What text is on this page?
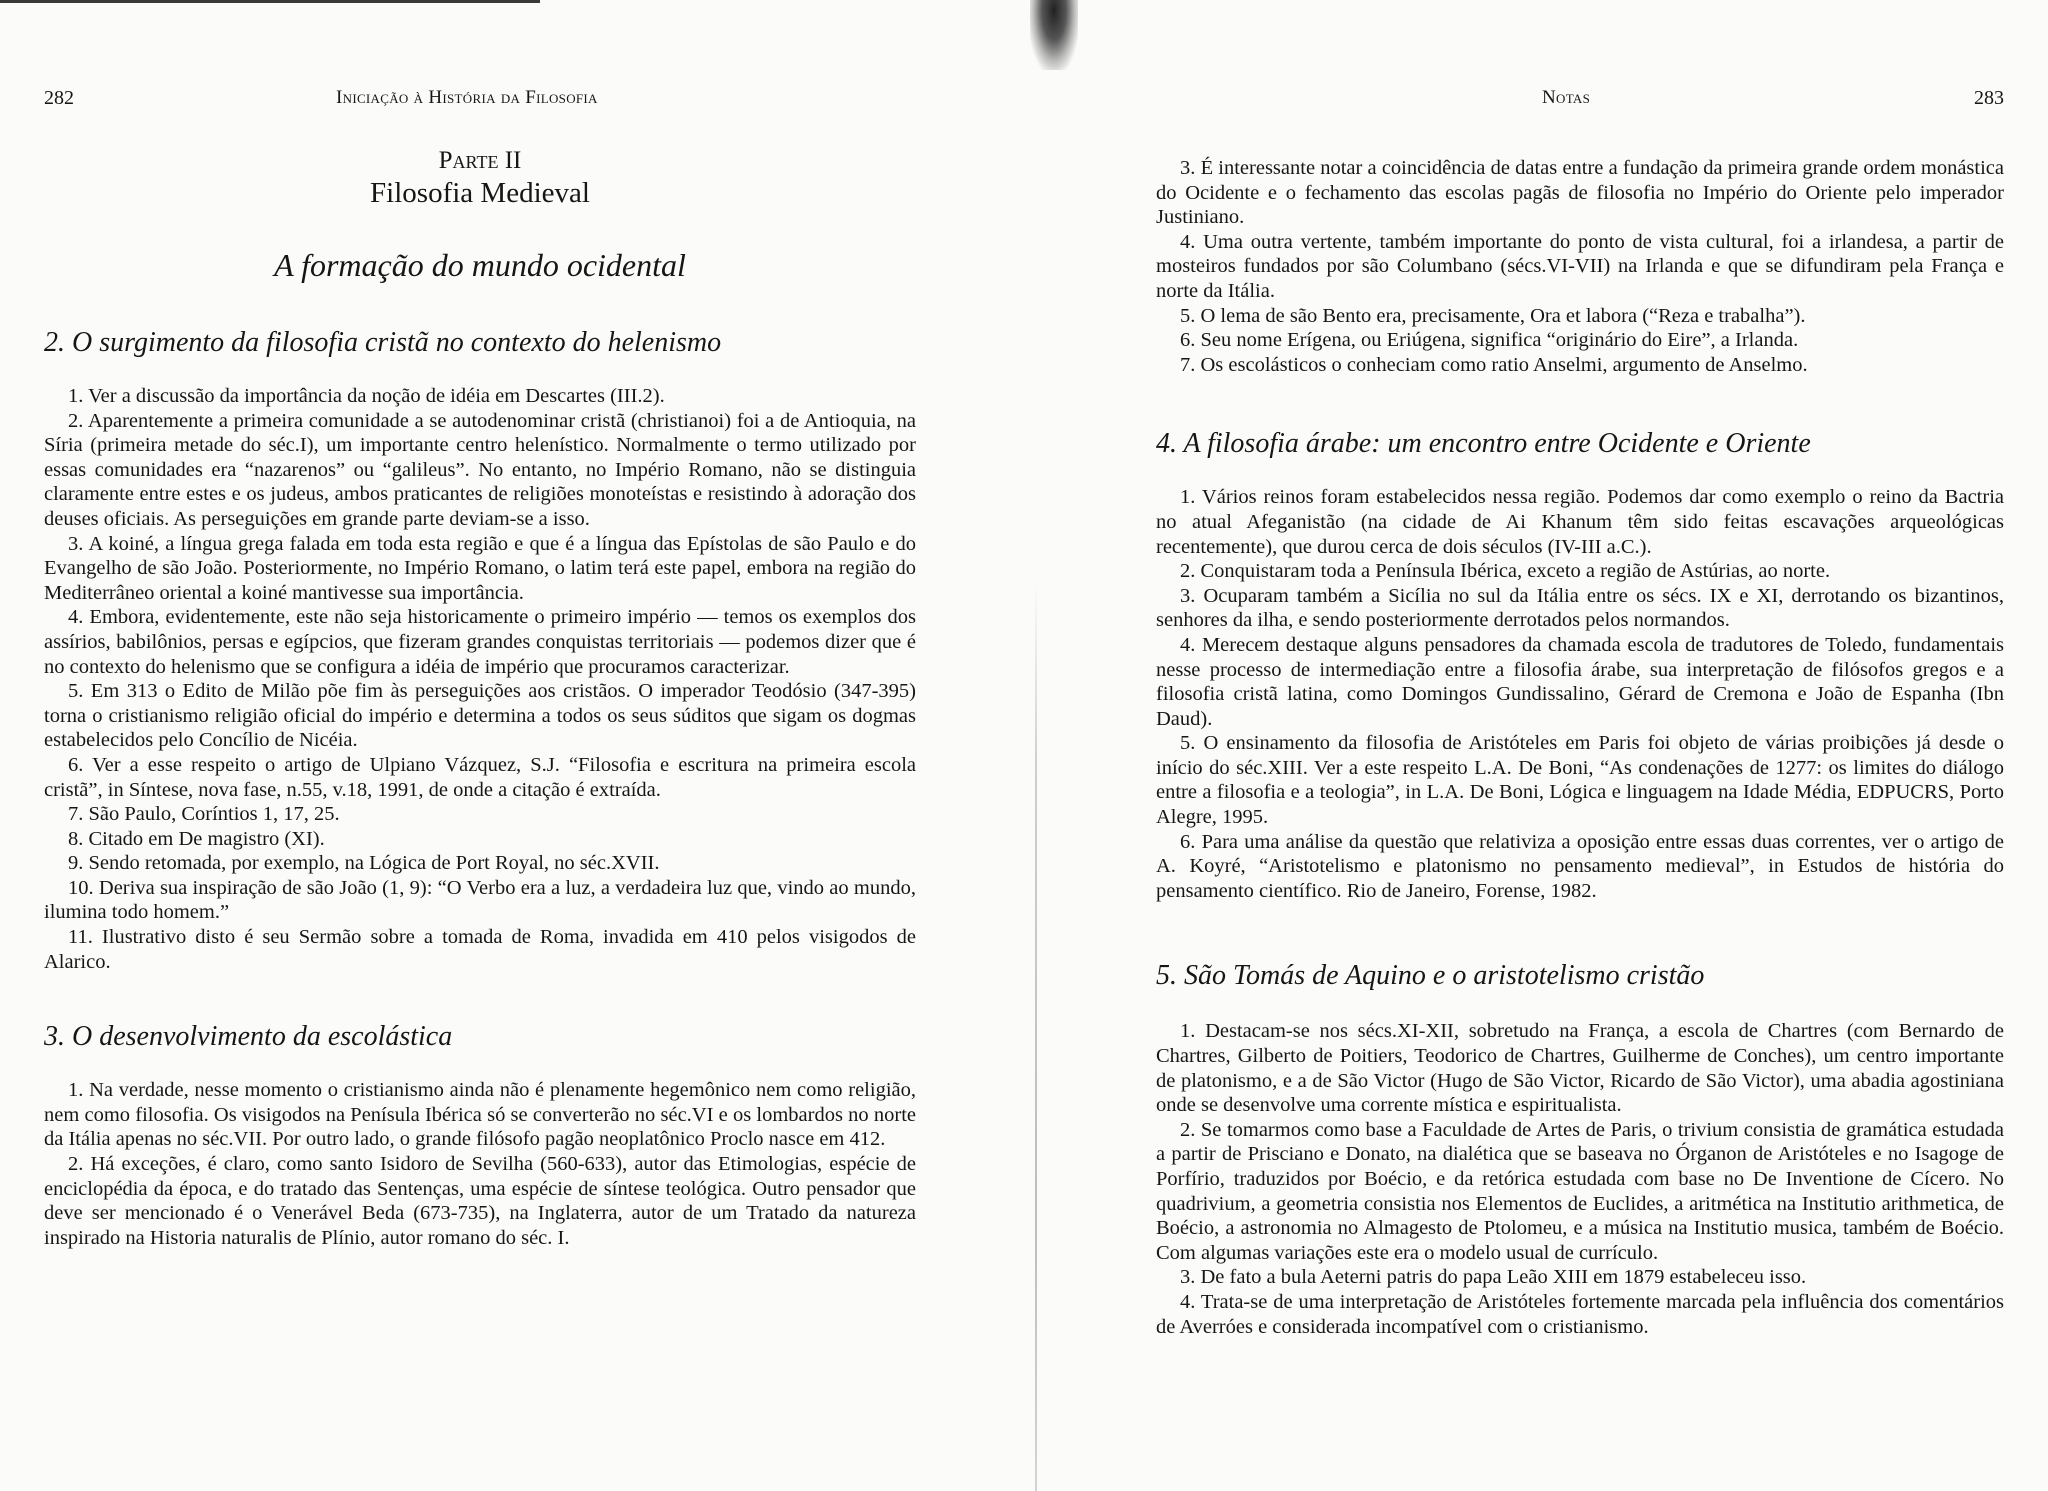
282	Iniciação à História da Filosofia
Parte II
Filosofia Medieval
A formação do mundo ocidental
2. O surgimento da filosofia cristã no contexto do helenismo

1. Ver a discussão da importância da noção de idéia em Descartes (III.2).

2. Aparentemente a primeira comunidade a se autodenominar cristã (christianoi) foi a de Antioquia, na Síria (primeira metade do séc.I), um importante centro helenístico. Normalmente o termo utilizado por essas comunidades era “nazarenos” ou “galileus”. No entanto, no Império Romano, não se distinguia claramente entre estes e os judeus, ambos praticantes de religiões monoteístas e resistindo à adoração dos deuses oficiais. As perseguições em grande parte deviam-se a isso.

3. A koiné, a língua grega falada em toda esta região e que é a língua das Epístolas de são Paulo e do Evangelho de são João. Posteriormente, no Império Romano, o latim terá este papel, embora na região do Mediterrâneo oriental a koiné mantivesse sua importância.

4. Embora, evidentemente, este não seja historicamente o primeiro império — temos os exemplos dos assírios, babilônios, persas e egípcios, que fizeram grandes conquistas territoriais — podemos dizer que é no contexto do helenismo que se configura a idéia de império que procuramos caracterizar.

5. Em 313 o Edito de Milão põe fim às perseguições aos cristãos. O imperador Teodósio (347-395) torna o cristianismo religião oficial do império e determina a todos os seus súditos que sigam os dogmas estabelecidos pelo Concílio de Nicéia.

6. Ver a esse respeito o artigo de Ulpiano Vázquez, S.J. “Filosofia e escritura na primeira escola cristã”, in Síntese, nova fase, n.55, v.18, 1991, de onde a citação é extraída.

7. São Paulo, Coríntios 1, 17, 25.

8. Citado em De magistro (XI).

9. Sendo retomada, por exemplo, na Lógica de Port Royal, no séc.XVII.

10. Deriva sua inspiração de são João (1, 9): “O Verbo era a luz, a verdadeira luz que, vindo ao mundo, ilumina todo homem.”

11. Ilustrativo disto é seu Sermão sobre a tomada de Roma, invadida em 410 pelos visigodos de Alarico.

3. O desenvolvimento da escolástica

1. Na verdade, nesse momento o cristianismo ainda não é plenamente hegemônico nem como religião, nem como filosofia. Os visigodos na Penísula Ibérica só se converterão no séc.VI e os lombardos no norte da Itália apenas no séc.VII. Por outro lado, o grande filósofo pagão neoplatônico Proclo nasce em 412.

2. Há exceções, é claro, como santo Isidoro de Sevilha (560-633), autor das Etimologias, espécie de enciclopédia da época, e do tratado das Sentenças, uma espécie de síntese teológica. Outro pensador que deve ser mencionado é o Venerável Beda (673-735), na Inglaterra, autor de um Tratado da natureza inspirado na Historia naturalis de Plínio, autor romano do séc. I.

Notas	283

3. É interessante notar a coincidência de datas entre a fundação da primeira grande ordem monástica do Ocidente e o fechamento das escolas pagãs de filosofia no Império do Oriente pelo imperador Justiniano.

4. Uma outra vertente, também importante do ponto de vista cultural, foi a irlandesa, a partir de mosteiros fundados por são Columbano (sécs.VI-VII) na Irlanda e que se difundiram pela França e norte da Itália.

5. O lema de são Bento era, precisamente, Ora et labora (“Reza e trabalha”).

6. Seu nome Erígena, ou Eriúgena, significa “originário do Eire”, a Irlanda.

7. Os escolásticos o conheciam como ratio Anselmi, argumento de Anselmo.

4. A filosofia árabe: um encontro entre Ocidente e Oriente

1. Vários reinos foram estabelecidos nessa região. Podemos dar como exemplo o reino da Bactria no atual Afeganistão (na cidade de Ai Khanum têm sido feitas escavações arqueológicas recentemente), que durou cerca de dois séculos (IV-III a.C.).

2. Conquistaram toda a Península Ibérica, exceto a região de Astúrias, ao norte.

3. Ocuparam também a Sicília no sul da Itália entre os sécs. IX e XI, derrotando os bizantinos, senhores da ilha, e sendo posteriormente derrotados pelos normandos.

4. Merecem destaque alguns pensadores da chamada escola de tradutores de Toledo, fundamentais nesse processo de intermediação entre a filosofia árabe, sua interpretação de filósofos gregos e a filosofia cristã latina, como Domingos Gundissalino, Gérard de Cremona e João de Espanha (Ibn Daud).

5. O ensinamento da filosofia de Aristóteles em Paris foi objeto de várias proibições já desde o início do séc.XIII. Ver a este respeito L.A. De Boni, “As condenações de 1277: os limites do diálogo entre a filosofia e a teologia”, in L.A. De Boni, Lógica e linguagem na Idade Média, EDPUCRS, Porto Alegre, 1995.

6. Para uma análise da questão que relativiza a oposição entre essas duas correntes, ver o artigo de A. Koyré, “Aristotelismo e platonismo no pensamento medieval”, in Estudos de história do pensamento científico. Rio de Janeiro, Forense, 1982.

5. São Tomás de Aquino e o aristotelismo cristão

1. Destacam-se nos sécs.XI-XII, sobretudo na França, a escola de Chartres (com Bernardo de Chartres, Gilberto de Poitiers, Teodorico de Chartres, Guilherme de Conches), um centro importante de platonismo, e a de São Victor (Hugo de São Victor, Ricardo de São Victor), uma abadia agostiniana onde se desenvolve uma corrente mística e espiritualista.

2. Se tomarmos como base a Faculdade de Artes de Paris, o trivium consistia de gramática estudada a partir de Prisciano e Donato, na dialética que se baseava no Órganon de Aristóteles e no Isagoge de Porfírio, traduzidos por Boécio, e da retórica estudada com base no De Inventione de Cícero. No quadrivium, a geometria consistia nos Elementos de Euclides, a aritmética na Institutio arithmetica, de Boécio, a astronomia no Almagesto de Ptolomeu, e a música na Institutio musica, também de Boécio. Com algumas variações este era o modelo usual de currículo.

3. De fato a bula Aeterni patris do papa Leão XIII em 1879 estabeleceu isso.

4. Trata-se de uma interpretação de Aristóteles fortemente marcada pela influência dos comentários de Averróes e considerada incompatível com o cristianismo.
